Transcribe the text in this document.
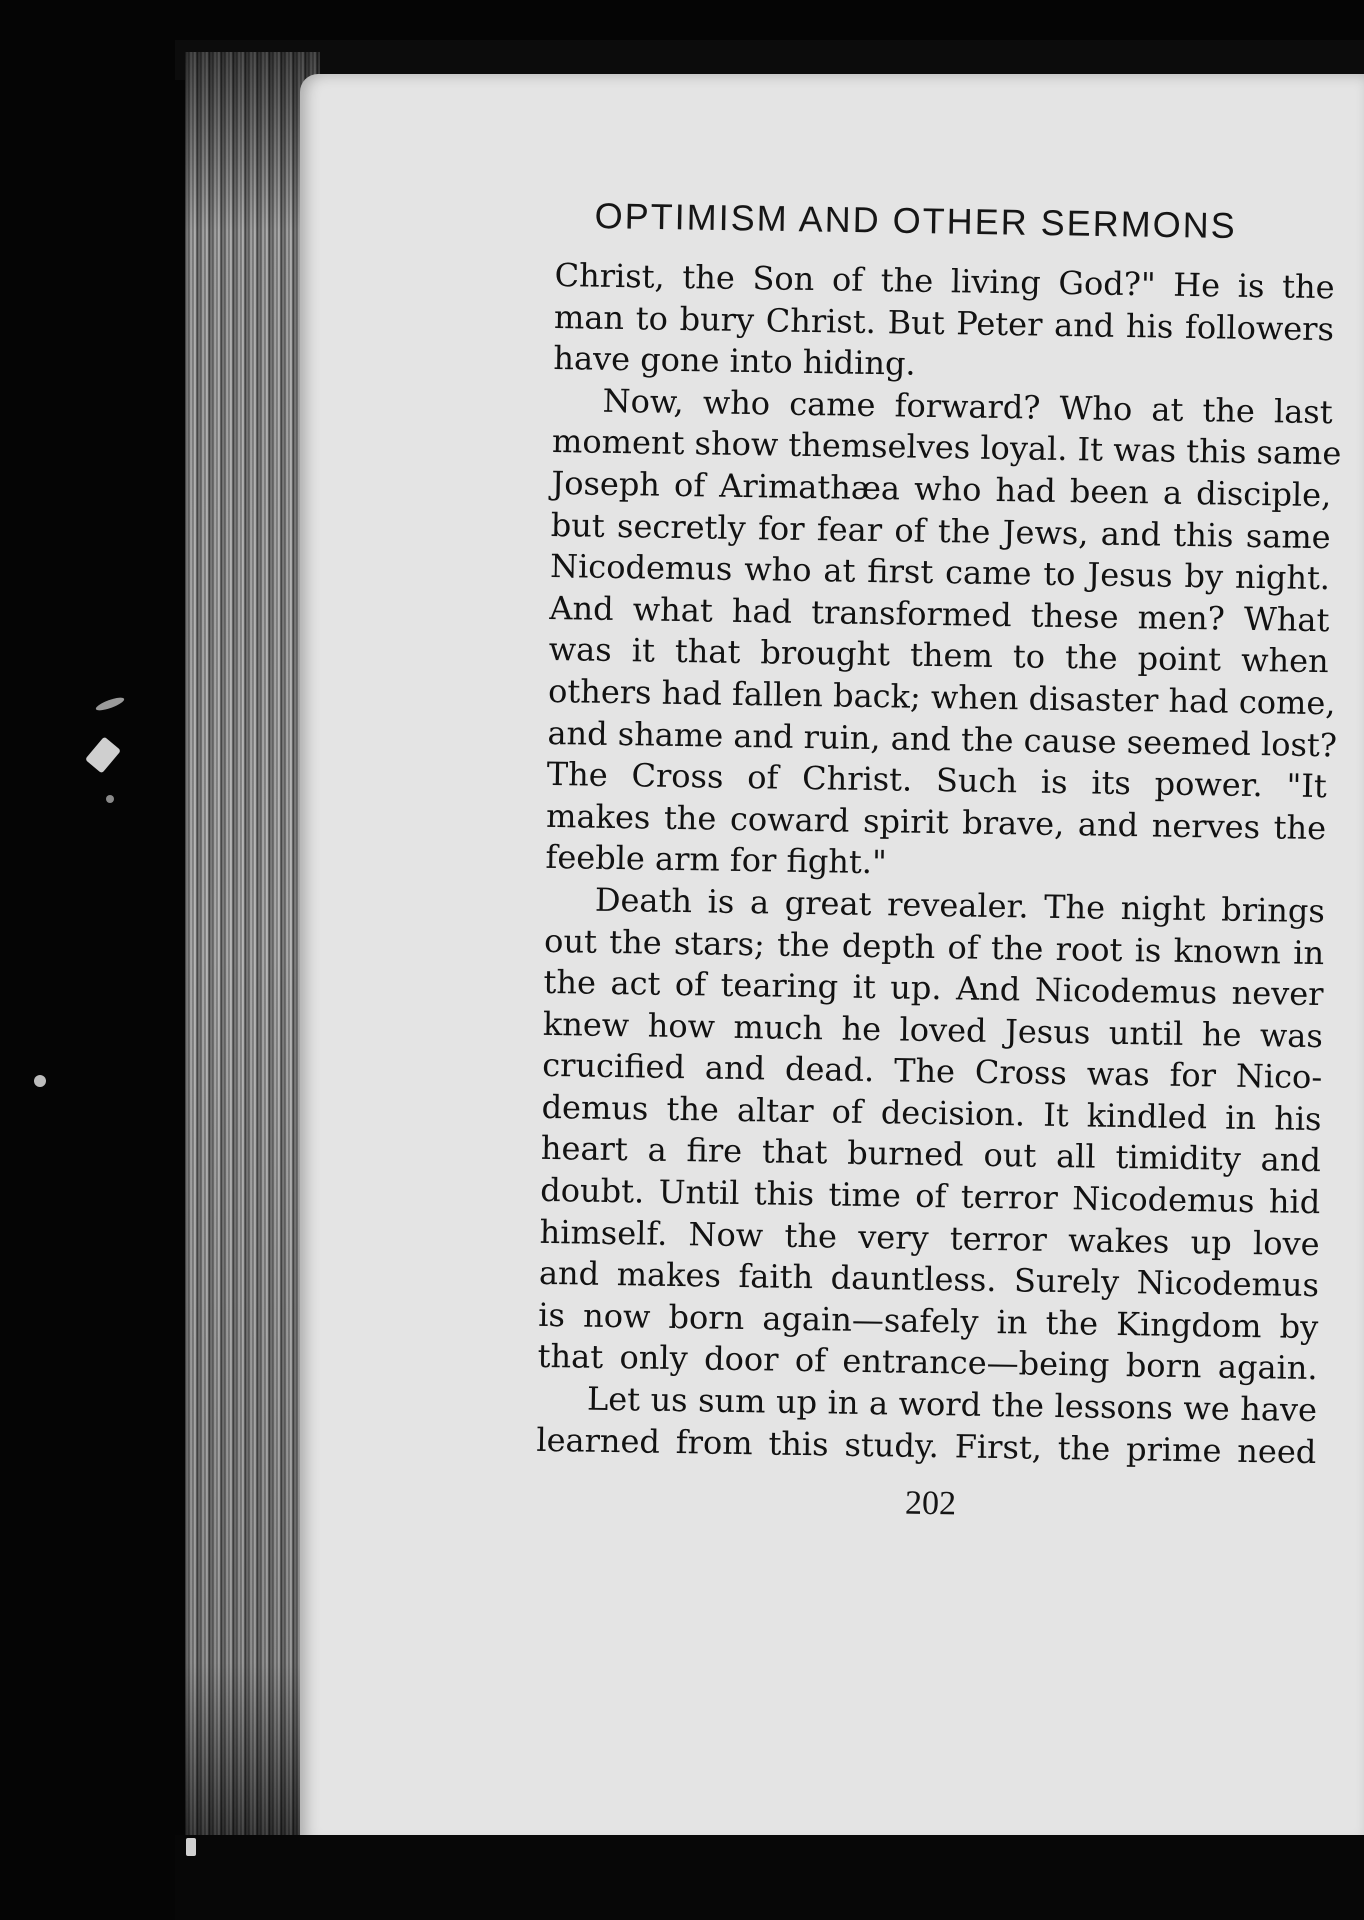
OPTIMISM AND OTHER SERMONS
Christ, the Son of the living God?" He is the
man to bury Christ. But Peter and his followers
have gone into hiding.
Now, who came forward? Who at the last
moment show themselves loyal. It was this same
Joseph of Arimathæa who had been a disciple,
but secretly for fear of the Jews, and this same
Nicodemus who at first came to Jesus by night.
And what had transformed these men? What
was it that brought them to the point when
others had fallen back; when disaster had come,
and shame and ruin, and the cause seemed lost?
The Cross of Christ. Such is its power. "It
makes the coward spirit brave, and nerves the
feeble arm for fight."
Death is a great revealer. The night brings
out the stars; the depth of the root is known in
the act of tearing it up. And Nicodemus never
knew how much he loved Jesus until he was
crucified and dead. The Cross was for Nico-
demus the altar of decision. It kindled in his
heart a fire that burned out all timidity and
doubt. Until this time of terror Nicodemus hid
himself. Now the very terror wakes up love
and makes faith dauntless. Surely Nicodemus
is now born again—safely in the Kingdom by
that only door of entrance—being born again.
Let us sum up in a word the lessons we have
learned from this study. First, the prime need
202
